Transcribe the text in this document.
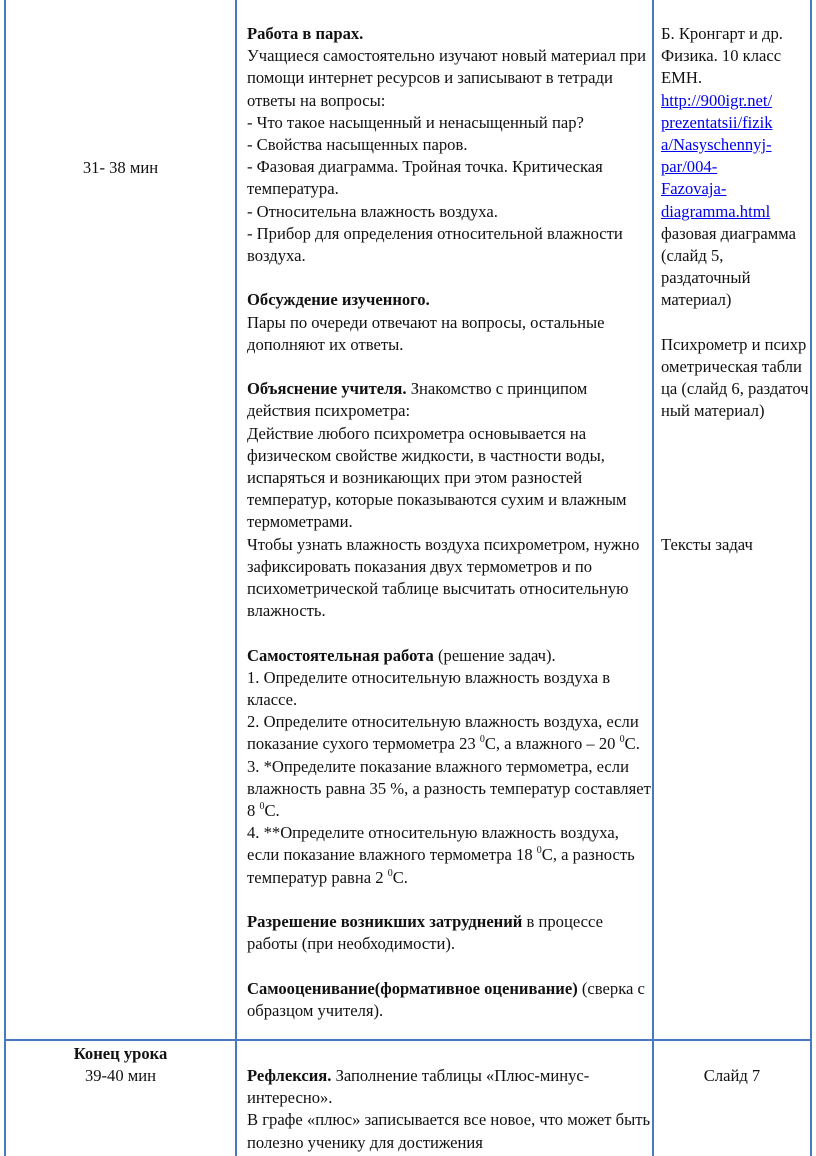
31- 38 мин

Работа в парах.

Учащиеся самостоятельно изучают новый материал при помощи интернет ресурсов и записывают в тетради ответы на вопросы:

- Что такое насыщенный и ненасыщенный пар?

- Свойства насыщенных паров.

- Фазовая диаграмма. Тройная точка. Критическая температура.

- Относительна влажность воздуха.

- Прибор для определения относительной влажности воздуха.

Обсуждение изученного.

Пары по очереди отвечают на вопросы, остальные дополняют их ответы.

Объяснение учителя. Знакомство с принципом действия психрометра:

Действие любого психрометра основывается на физическом свойстве жидкости, в частности воды, испаряться и возникающих при этом разностей температур, которые показываются сухим и влажным термометрами.

Чтобы узнать влажность воздуха психрометром, нужно зафиксировать показания двух термометров и по психометрической таблице высчитать относительную влажность.

Самостоятельная работа (решение задач).

1. Определите относительную влажность воздуха в классе.

2. Определите относительную влажность воздуха, если показание сухого термометра 23 $^0$С, а влажного – 20 $^0$С.

3. *Определите показание влажного термометра, если влажность равна 35 %, а разность температур составляет 8 $^0$С.

4. **Определите относительную влажность воздуха, если показание влажного термометра 18 $^0$С, а разность температур равна 2 $^0$С.

Разрешение возникших затруднений в процессе работы (при необходимости).

Самооценивание(формативное оценивание) (сверка с образцом учителя).

Б. Кронгарт и др. Физика. 10 класс ЕМН.

http://900igr.net/
prezentatsii/fizik
a/Nasyschennyj-
par/004-
Fazovaja-
diagramma.html

фазовая диаграмма (слайд 5, раздаточный материал)

Психрометр и психрометрическая таблица (слайд 6, раздаточный материал)

Тексты задач

Конец урока

39-40 мин	Рефлексия. Заполнение таблицы «Плюс-минус-интересно».

В графе «плюс» записывается все новое, что может быть полезно ученику для достижения

Слайд 7
